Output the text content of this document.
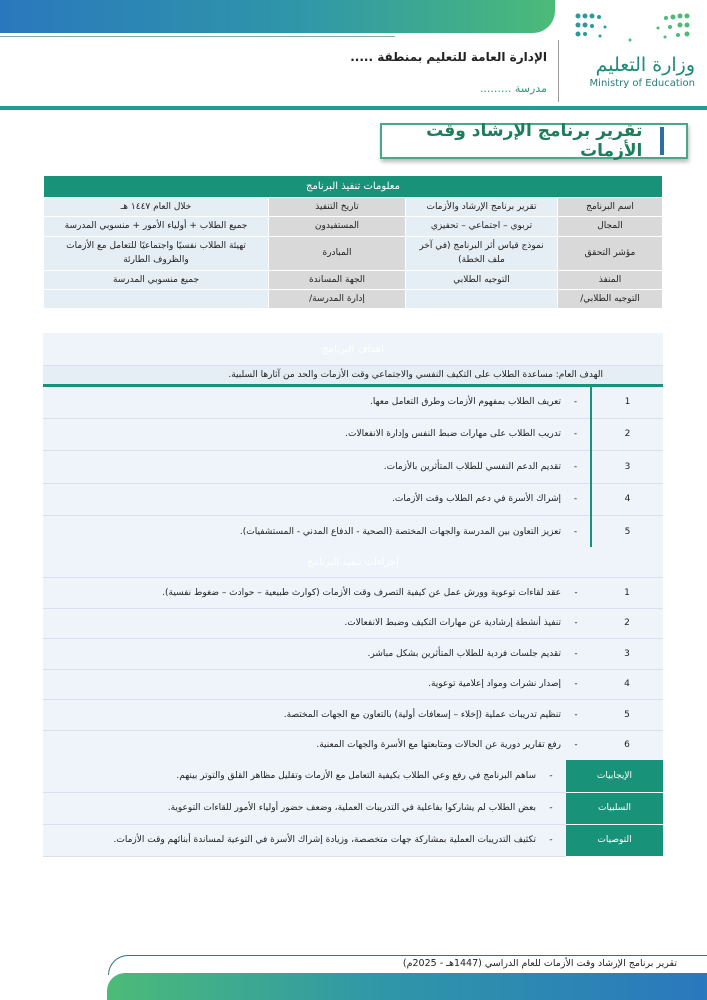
وزارة التعليم
Ministry of Education
الإدارة العامة للتعليم بمنطقة .....
مدرسة .........
تقرير برنامج الإرشاد وقت الأزمات
معلومات تنفيذ البرنامج			
اسم البرنامج	تقرير برنامج الإرشاد والأزمات	تاريخ التنفيذ	خلال العام ١٤٤٧ هـ
المجال	تربوي – اجتماعي – تحفيزي	المستفيدون	جميع الطلاب + أولياء الأمور + منسوبي المدرسة
مؤشر التحقق	نموذج قياس أثر البرنامج (في آخر ملف الخطة)	المبادرة	تهيئة الطلاب نفسيًا واجتماعيًا للتعامل مع الأزمات والظروف الطارئة
المنفذ	التوجيه الطلابي	الجهة المساندة	جميع منسوبي المدرسة
التوجيه الطلابي/		إدارة المدرسة/	
اهداف البرنامج		
الهدف العام: مساعدة الطلاب على التكيف النفسي والاجتماعي وقت الأزمات والحد من آثارها السلبية.		
1	-	تعريف الطلاب بمفهوم الأزمات وطرق التعامل معها.
2	-	تدريب الطلاب على مهارات ضبط النفس وإدارة الانفعالات.
3	-	تقديم الدعم النفسي للطلاب المتأثرين بالأزمات.
4	-	إشراك الأسرة في دعم الطلاب وقت الأزمات.
5	-	تعزيز التعاون بين المدرسة والجهات المختصة (الصحية - الدفاع المدني - المستشفيات).
إجراءات تنفيذ البرنامج		
1	-	عقد لقاءات توعوية وورش عمل عن كيفية التصرف وقت الأزمات (كوارث طبيعية – حوادث – ضغوط نفسية).
2	-	تنفيذ أنشطة إرشادية عن مهارات التكيف وضبط الانفعالات.
3	-	تقديم جلسات فردية للطلاب المتأثرين بشكل مباشر.
4	-	إصدار نشرات ومواد إعلامية توعوية.
5	-	تنظيم تدريبات عملية (إخلاء – إسعافات أولية) بالتعاون مع الجهات المختصة.
6	-	رفع تقارير دورية عن الحالات ومتابعتها مع الأسرة والجهات المعنية.
الإيجابيات	-	ساهم البرنامج في رفع وعي الطلاب بكيفية التعامل مع الأزمات وتقليل مظاهر القلق والتوتر بينهم.
السلبيات	-	بعض الطلاب لم يشاركوا بفاعلية في التدريبات العملية، وضعف حضور أولياء الأمور للقاءات التوعوية.
التوصيات	-	تكثيف التدريبات العملية بمشاركة جهات متخصصة، وزيادة إشراك الأسرة في التوعية لمساندة أبنائهم وقت الأزمات.
تقرير برنامج الإرشاد وقت الأزمات للعام الدراسي (1447هـ - 2025م)
